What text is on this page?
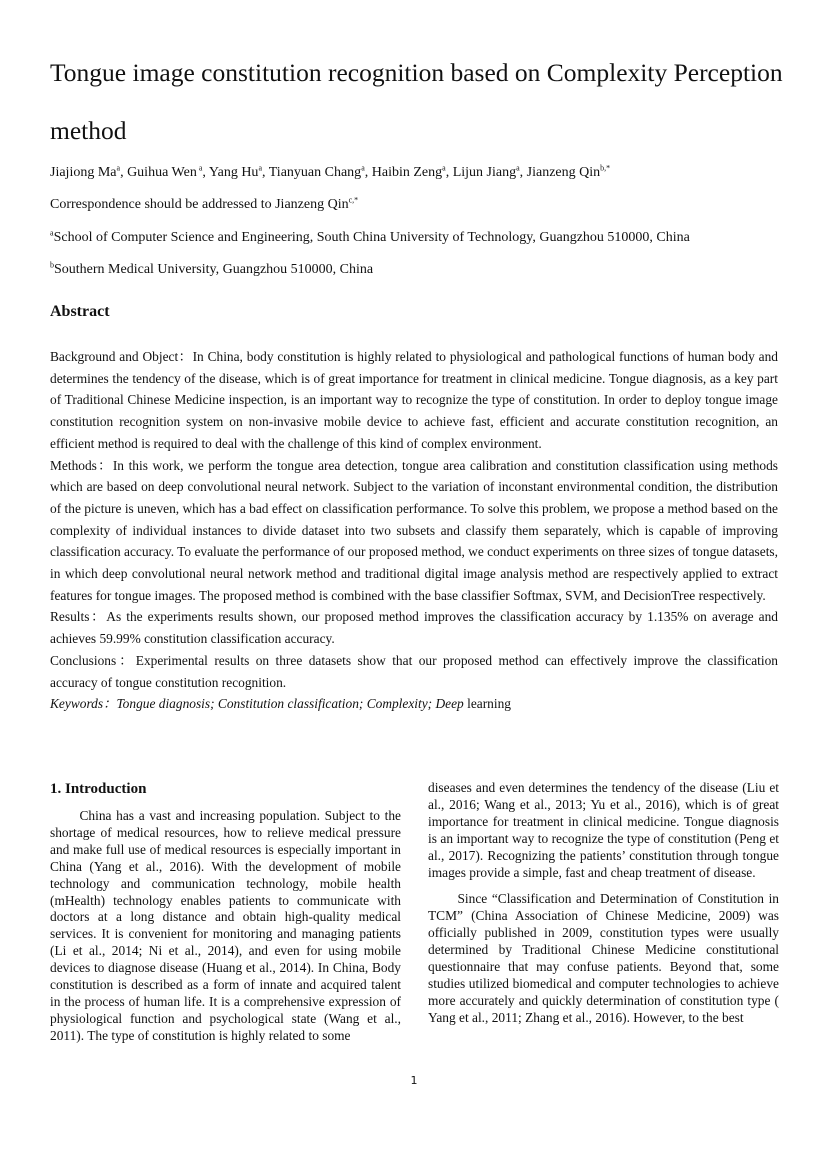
Tongue image constitution recognition based on Complexity Perception method
Jiajiong Ma$^a$, Guihua Wen $^a$, Yang Hu$^a$, Tianyuan Chang$^a$, Haibin Zeng$^a$, Lijun Jiang$^a$, Jianzeng Qin$^{b,*}$
Correspondence should be addressed to Jianzeng Qin$^{c,*}$
$^a$School of Computer Science and Engineering, South China University of Technology, Guangzhou 510000, China
$^b$Southern Medical University, Guangzhou 510000, China
Abstract

Background and Object：In China, body constitution is highly related to physiological and pathological functions of human body and determines the tendency of the disease, which is of great importance for treatment in clinical medicine. Tongue diagnosis, as a key part of Traditional Chinese Medicine inspection, is an important way to recognize the type of constitution. In order to deploy tongue image constitution recognition system on non-invasive mobile device to achieve fast, efficient and accurate constitution recognition, an efficient method is required to deal with the challenge of this kind of complex environment.

Methods：In this work, we perform the tongue area detection, tongue area calibration and constitution classification using methods which are based on deep convolutional neural network. Subject to the variation of inconstant environmental condition, the distribution of the picture is uneven, which has a bad effect on classification performance. To solve this problem, we propose a method based on the complexity of individual instances to divide dataset into two subsets and classify them separately, which is capable of improving classification accuracy. To evaluate the performance of our proposed method, we conduct experiments on three sizes of tongue datasets, in which deep convolutional neural network method and traditional digital image analysis method are respectively applied to extract features for tongue images. The proposed method is combined with the base classifier Softmax, SVM, and DecisionTree respectively.

Results：As the experiments results shown, our proposed method improves the classification accuracy by 1.135% on average and achieves 59.99% constitution classification accuracy.

Conclusions：Experimental results on three datasets show that our proposed method can effectively improve the classification accuracy of tongue constitution recognition.

Keywords：Tongue diagnosis; Constitution classification; Complexity; Deep learning

1. Introduction

China has a vast and increasing population. Subject to the shortage of medical resources, how to relieve medical pressure and make full use of medical resources is especially important in China (Yang et al., 2016). With the development of mobile technology and communication technology, mobile health (mHealth) technology enables patients to communicate with doctors at a long distance and obtain high-quality medical services. It is convenient for monitoring and managing patients (Li et al., 2014; Ni et al., 2014), and even for using mobile devices to diagnose disease (Huang et al., 2014). In China, Body constitution is described as a form of innate and acquired talent in the process of human life. It is a comprehensive expression of physiological function and psychological state (Wang et al., 2011). The type of constitution is highly related to some

diseases and even determines the tendency of the disease (Liu et al., 2016; Wang et al., 2013; Yu et al., 2016), which is of great importance for treatment in clinical medicine. Tongue diagnosis is an important way to recognize the type of constitution (Peng et al., 2017). Recognizing the patients’ constitution through tongue images provide a simple, fast and cheap treatment of disease.

Since “Classification and Determination of Constitution in TCM” (China Association of Chinese Medicine, 2009) was officially published in 2009, constitution types were usually determined by Traditional Chinese Medicine constitutional questionnaire that may confuse patients. Beyond that, some studies utilized biomedical and computer technologies to achieve more accurately and quickly determination of constitution type ( Yang et al., 2011; Zhang et al., 2016). However, to the best

1
